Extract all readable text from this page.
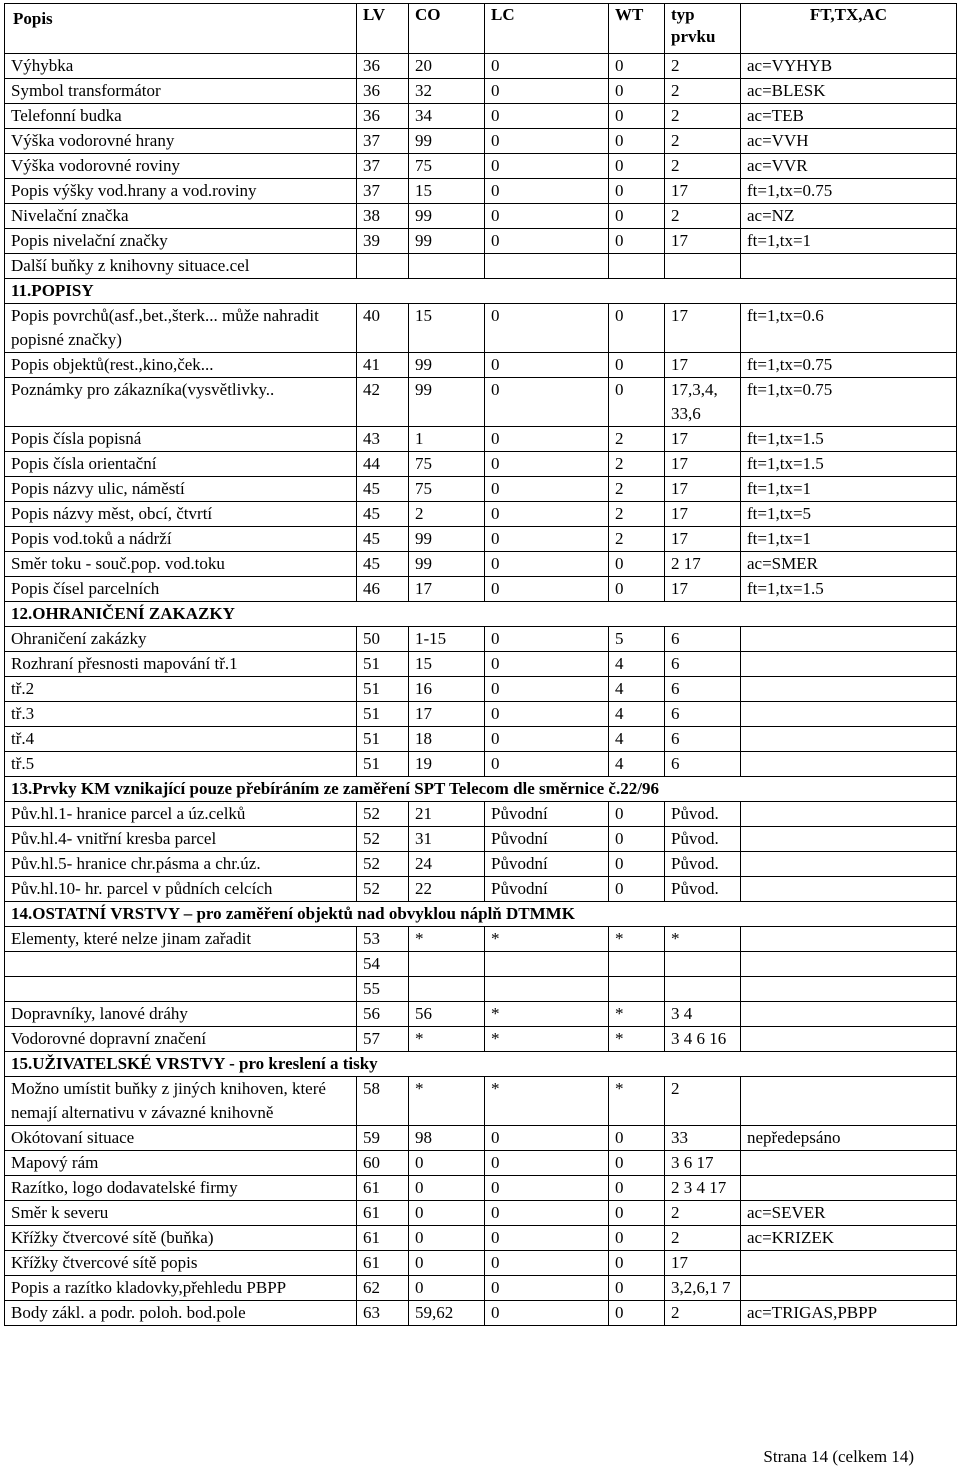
Popis	LV	CO	LC	WT	typ prvku	FT,TX,AC
Výhybka	36	20	0	0	2	ac=VYHYB
Symbol transformátor	36	32	0	0	2	ac=BLESK
Telefonní budka	36	34	0	0	2	ac=TEB
Výška vodorovné hrany	37	99	0	0	2	ac=VVH
Výška vodorovné roviny	37	75	0	0	2	ac=VVR
Popis výšky vod.hrany a vod.roviny	37	15	0	0	17	ft=1,tx=0.75
Nivelační značka	38	99	0	0	2	ac=NZ
Popis nivelační značky	39	99	0	0	17	ft=1,tx=1
Další buňky z knihovny situace.cel						
11.POPISY						
Popis povrchů(asf.,bet.,šterk... může nahradit popisné značky)	40	15	0	0	17	ft=1,tx=0.6
Popis objektů(rest.,kino,ček...	41	99	0	0	17	ft=1,tx=0.75
Poznámky pro zákazníka(vysvětlivky..	42	99	0	0	17,3,4, 33,6	ft=1,tx=0.75
Popis čísla popisná	43	1	0	2	17	ft=1,tx=1.5
Popis čísla orientační	44	75	0	2	17	ft=1,tx=1.5
Popis názvy ulic, náměstí	45	75	0	2	17	ft=1,tx=1
Popis názvy měst, obcí, čtvrtí	45	2	0	2	17	ft=1,tx=5
Popis vod.toků a nádrží	45	99	0	2	17	ft=1,tx=1
Směr toku - souč.pop. vod.toku	45	99	0	0	2 17	ac=SMER
Popis čísel parcelních	46	17	0	0	17	ft=1,tx=1.5
12.OHRANIČENÍ ZAKAZKY						
Ohraničení zakázky	50	1-15	0	5	6	
Rozhraní přesnosti mapování tř.1	51	15	0	4	6	
tř.2	51	16	0	4	6	
tř.3	51	17	0	4	6	
tř.4	51	18	0	4	6	
tř.5	51	19	0	4	6	
13.Prvky KM vznikající pouze přebíráním ze zaměření SPT Telecom dle směrnice č.22/96						
Pův.hl.1- hranice parcel a úz.celků	52	21	Původní	0	Původ.	
Pův.hl.4- vnitřní kresba parcel	52	31	Původní	0	Původ.	
Pův.hl.5- hranice chr.pásma a chr.úz.	52	24	Původní	0	Původ.	
Pův.hl.10- hr. parcel v půdních celcích	52	22	Původní	0	Původ.	
14.OSTATNÍ VRSTVY – pro zaměření objektů nad obvyklou náplň DTMMK						
Elementy, které nelze jinam zařadit	53	*	*	*	*	
	54					
	55					
Dopravníky, lanové dráhy	56	56	*	*	3 4	
Vodorovné dopravní značení	57	*	*	*	3 4 6 16	
15.UŽIVATELSKÉ VRSTVY - pro kreslení a tisky						
Možno umístit buňky z jiných knihoven, které nemají alternativu v závazné knihovně	58	*	*	*	2	
Okótovaní situace	59	98	0	0	33	nepředepsáno
Mapový rám	60	0	0	0	3 6 17	
Razítko, logo dodavatelské firmy	61	0	0	0	2 3 4 17	
Směr k severu	61	0	0	0	2	ac=SEVER
Křížky čtvercové sítě (buňka)	61	0	0	0	2	ac=KRIZEK
Křížky čtvercové sítě popis	61	0	0	0	17	
Popis a razítko kladovky,přehledu PBPP	62	0	0	0	3,2,6,1 7	
Body zákl. a podr. poloh. bod.pole	63	59,62	0	0	2	ac=TRIGAS,PBPP
Strana 14 (celkem 14)
